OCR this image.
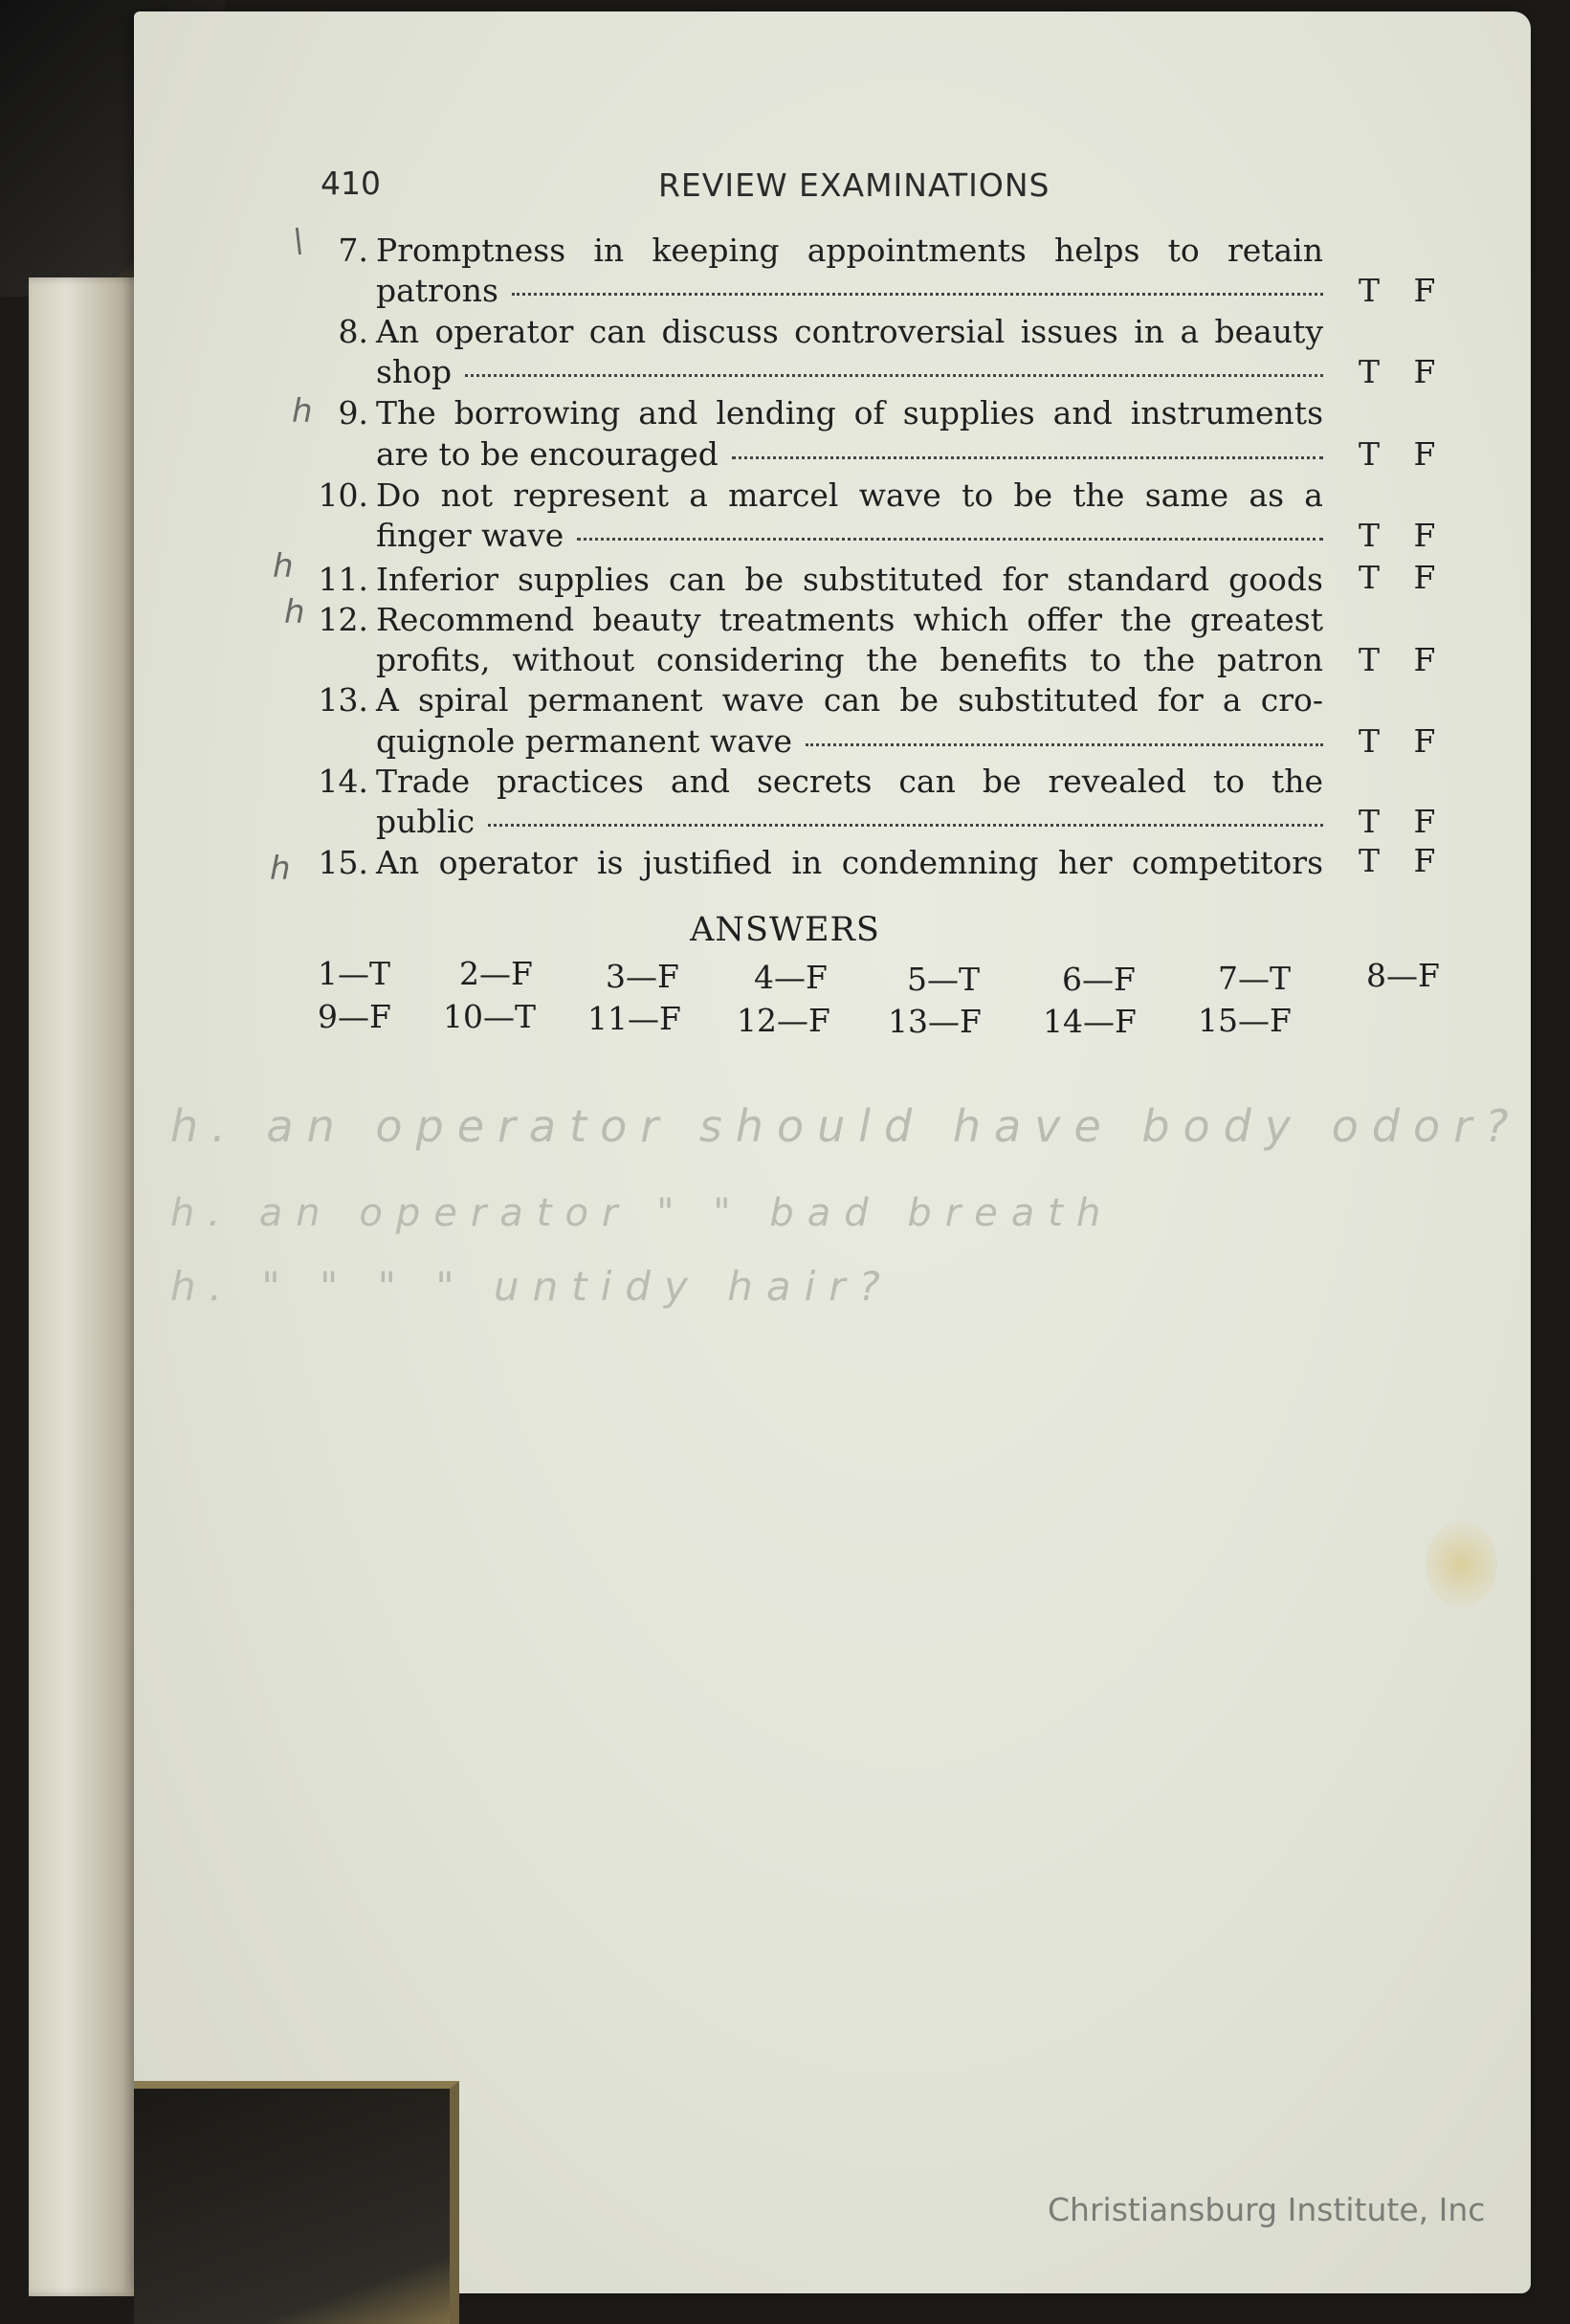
410	REVIEW EXAMINATIONS
\
h
h
h
h
7. Promptness in keeping appointments helps to retain
patrons	T F
8. An operator can discuss controversial issues in a beauty
shop	T F
9. The borrowing and lending of supplies and instruments
are to be encouraged	T F
10. Do not represent a marcel wave to be the same as a
finger wave	T F
11. Inferior supplies can be substituted for standard goods T F
12. Recommend beauty treatments which offer the greatest
profits, without considering the benefits to the patron T F
13. A spiral permanent wave can be substituted for a cro-
quignole permanent wave	T F
14. Trade practices and secrets can be revealed to the
public	T F
15. An operator is justified in condemning her competitors T F
ANSWERS
1—T 2—F 3—F 4—F	5—T	6—F	7—T 8—F
9—F 10—T 11—F 12—F 13—F 14—F 15—F
h. an operator should have body odor?
h. an operator " " bad breath
h. " " " " untidy hair?
Christiansburg Institute, Inc
